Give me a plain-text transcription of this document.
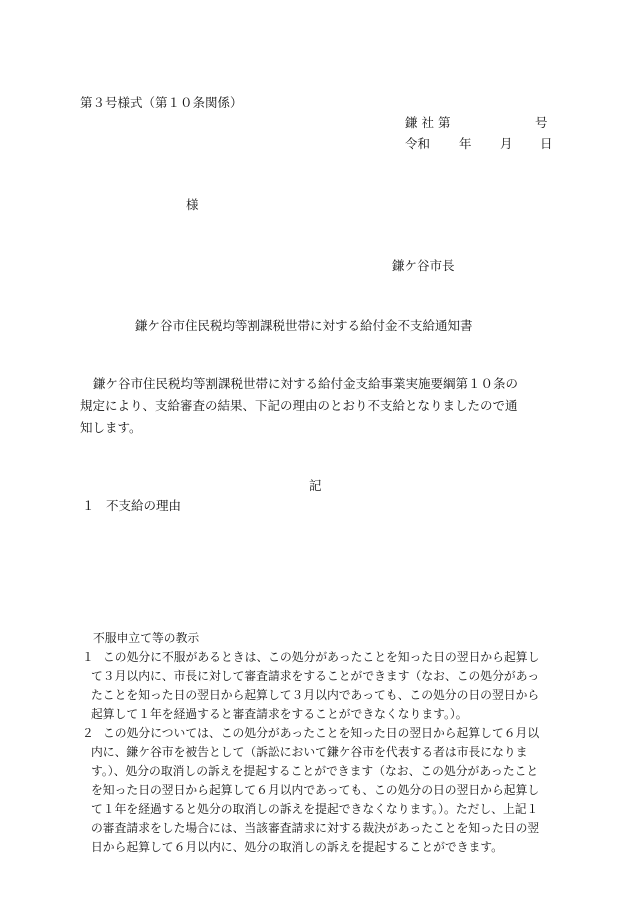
第３号様式（第１０条関係）
鎌 社 第	号
令和 年 月 日
様
鎌ケ谷市長
鎌ケ谷市住民税均等割課税世帯に対する給付金不支給通知書
鎌ケ谷市住民税均等割課税世帯に対する給付金支給事業実施要綱第１０条の
規定により、支給審査の結果、下記の理由のとおり不支給となりましたので通
知します。
記
１ 不支給の理由
不服申立て等の教示
１ この処分に不服があるときは、この処分があったことを知った日の翌日から起算し
て３月以内に、市長に対して審査請求をすることができます（なお、この処分があっ
たことを知った日の翌日から起算して３月以内であっても、この処分の日の翌日から
起算して１年を経過すると審査請求をすることができなくなります。）。
２ この処分については、この処分があったことを知った日の翌日から起算して６月以
内に、鎌ケ谷市を被告として（訴訟において鎌ケ谷市を代表する者は市長になりま
す。）、処分の取消しの訴えを提起することができます（なお、この処分があったこと
を知った日の翌日から起算して６月以内であっても、この処分の日の翌日から起算し
て１年を経過すると処分の取消しの訴えを提起できなくなります。）。ただし、上記１
の審査請求をした場合には、当該審査請求に対する裁決があったことを知った日の翌
日から起算して６月以内に、処分の取消しの訴えを提起することができます。
